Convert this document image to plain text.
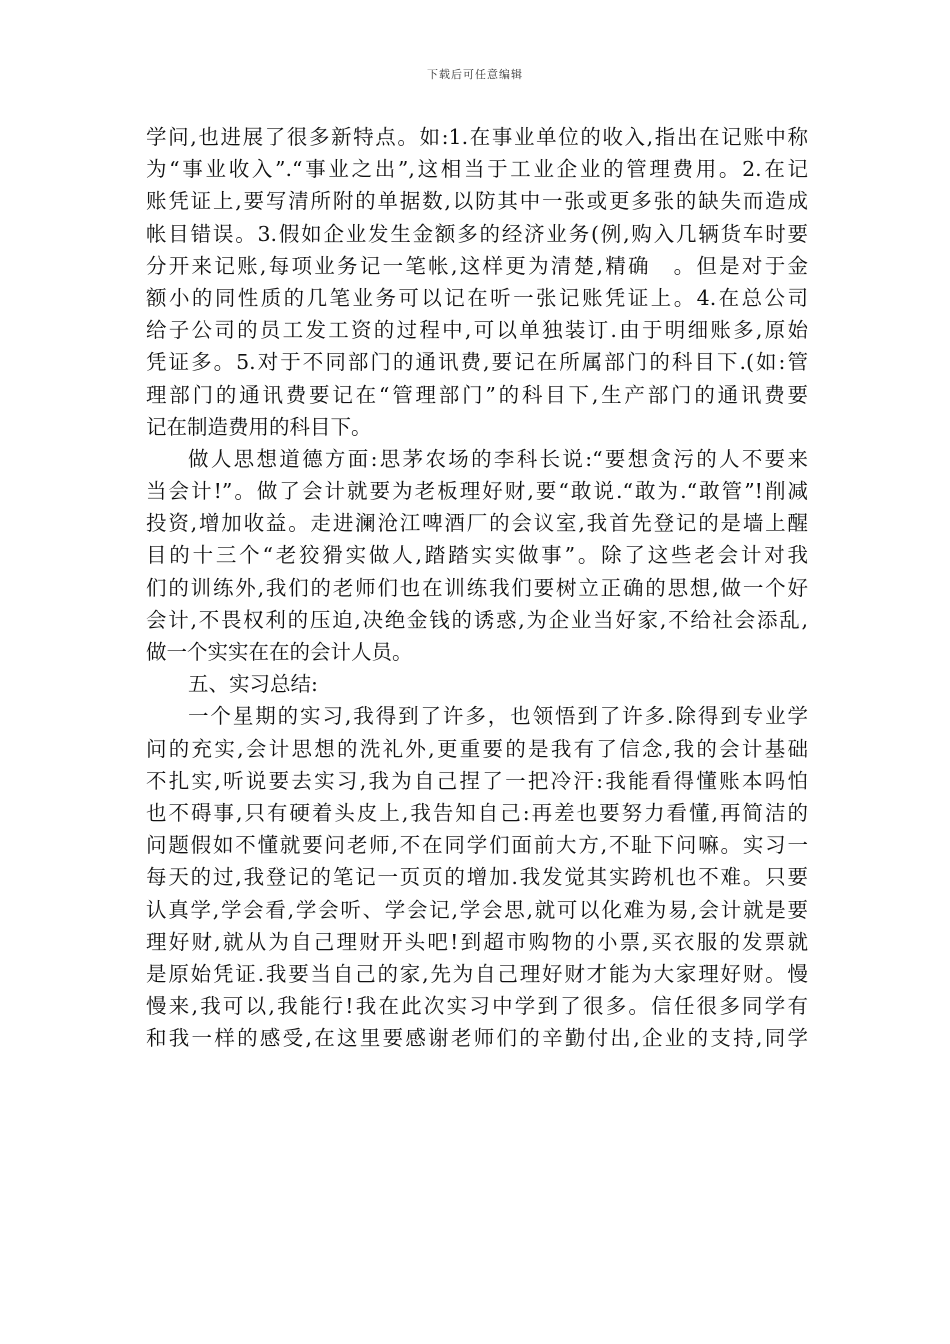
下载后可任意编辑
学问,也进展了很多新特点。如:1.在事业单位的收入,指出在记账中称
为“事业收入”.“事业之出”,这相当于工业企业的管理费用。2.在记
账凭证上,要写清所附的单据数,以防其中一张或更多张的缺失而造成
帐目错误。3.假如企业发生金额多的经济业务(例,购入几辆货车时要
分开来记账,每项业务记一笔帐,这样更为清楚,精确　。但是对于金
额小的同性质的几笔业务可以记在听一张记账凭证上。4.在总公司
给子公司的员工发工资的过程中,可以单独装订.由于明细账多,原始
凭证多。5.对于不同部门的通讯费,要记在所属部门的科目下.(如:管
理部门的通讯费要记在“管理部门”的科目下,生产部门的通讯费要
记在制造费用的科目下。
做人思想道德方面:思茅农场的李科长说:“要想贪污的人不要来
当会计!”。做了会计就要为老板理好财,要“敢说.“敢为.“敢管”!削减
投资,增加收益。走进澜沧江啤酒厂的会议室,我首先登记的是墙上醒
目的十三个“老狡猾实做人,踏踏实实做事”。除了这些老会计对我
们的训练外,我们的老师们也在训练我们要树立正确的思想,做一个好
会计,不畏权利的压迫,决绝金钱的诱惑,为企业当好家,不给社会添乱,
做一个实实在在的会计人员。
五、实习总结:
一个星期的实习,我得到了许多，也领悟到了许多.除得到专业学
问的充实,会计思想的洗礼外,更重要的是我有了信念,我的会计基础
不扎实,听说要去实习,我为自己捏了一把冷汗:我能看得懂账本吗怕
也不碍事,只有硬着头皮上,我告知自己:再差也要努力看懂,再简洁的
问题假如不懂就要问老师,不在同学们面前大方,不耻下问嘛。实习一
每天的过,我登记的笔记一页页的增加.我发觉其实跨机也不难。只要
认真学,学会看,学会听、学会记,学会思,就可以化难为易,会计就是要
理好财,就从为自己理财开头吧!到超市购物的小票,买衣服的发票就
是原始凭证.我要当自己的家,先为自己理好财才能为大家理好财。慢
慢来,我可以,我能行!我在此次实习中学到了很多。信任很多同学有
和我一样的感受,在这里要感谢老师们的辛勤付出,企业的支持,同学
